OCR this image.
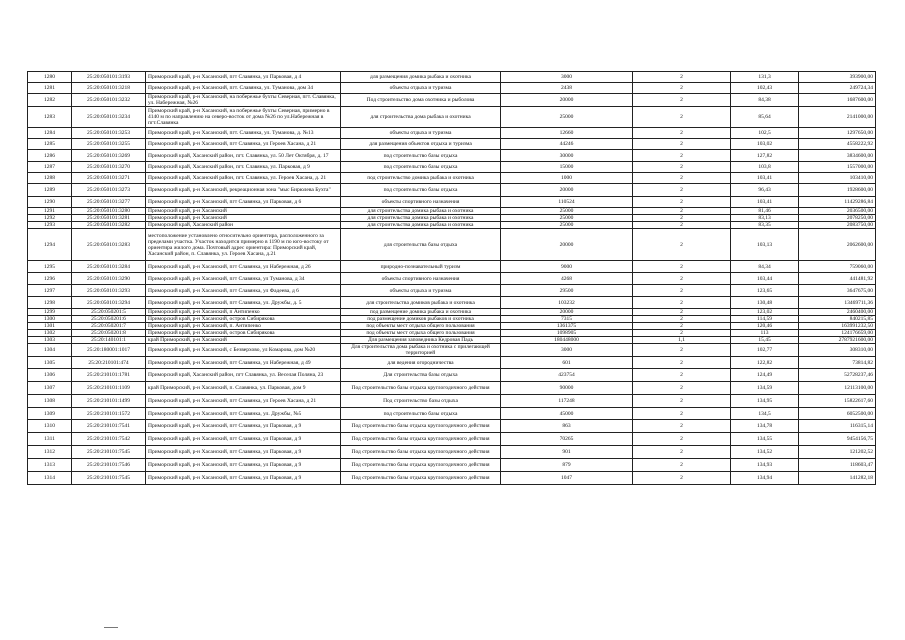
1280	25:20:050101:3193	Приморский край, р-н Хасанский, пгт Славянка, ул Парковая, д 4	для размещения домика рыбака и охотника	3000	2	131,3	393900,00
1281	25:20:050101:3218	Приморский край, р-н Хасанский, пгт. Славянка, ул. Тумановa, дом 34	объекты отдыха и туризма	2438	2	102,43	249724,34
1282	25:20:050101:3232	Приморский край, р-н Хасанский, на побережье бухты Северная, пгт. Славянка, ул. Набережная, №26	Под строительство дома охотника и рыболова	20000	2	84,38	1687600,00
1283	25:20:050101:3234	Приморский край, р-н Хасанский, на побережье бухты Северная, примерно в 4140 м по направлению на северо-восток от дома №26 по ул.Набережная в пгт.Славянка	для строительства дома рыбака и охотника	25000	2	85,64	2141000,00
1284	25:20:050101:3253	Приморский край, р-н Хасанский, пгт. Славянка, ул. Туманова, д. №13	объекты отдыха и туризма	12660	2	102,5	1297650,00
1285	25:20:050101:3255	Приморский край, р-н Хасанский, пгт Славянка, ул Героев Хасана, д 21	для размещения объектов отдыха и туризма	44246	2	103,02	4558222,92
1286	25:20:050101:3269	Приморский край, Хасанский район, пгт. Славянка, ул. 50 Лет Октября, д. 17	под строительство базы отдыха	30000	2	127,82	3834600,00
1287	25:20:050101:3270	Приморский край, Хасанский район, пгт. Славянка, ул. Парковая, д 9	под строительство базы отдыха	15000	2	103,8	1557000,00
1288	25:20:050101:3271	Приморский край, Хасанский район, пгт. Славянка, ул. Героев Хасана, д. 21	под строительство домика рыбака и охотника	1000	2	103,41	103410,00
1289	25:20:050101:3273	Приморский край, р-н Хасанский, рекреационная зона "мыс Бирюлева Бухта"	под строительство базы отдыха	20000	2	96,43	1928600,00
1290	25:20:050101:3277	Приморский край, р-н Хасанский, пгт Славянка, ул Парковая, д 6	объекты спортивного назначения	110524	2	103,41	11429286,84
1291	25:20:050101:3280	Приморский край, р-н Хасанский	для строительства домика рыбака и охотника	25000	2	81,46	2036500,00
1292	25:20:050101:3281	Приморский край, р-н Хасанский	для строительства домика рыбака и охотника	25000	2	83,13	2078250,00
1293	25:20:050101:3282	Приморский край, Хасанский район	для строительства домика рыбака и охотника	25000	2	83,35	2083750,00
1294	25:20:050101:3283	местоположение установлено относительно ориентира, расположенного за пределами участка. Участок находится примерно в 1190 м по юго-востоку от ориентира жилого дома. Почтовый адрес ориентира: Приморский край, Хасанский район, п. Славянка, ул. Героев Хасана, д.21	для строительства базы отдыха	20000	2	103,13	2062600,00
1295	25:20:050101:3284	Приморский край, р-н Хасанский, пгт Славянка, ул Набережная, д 26	природно-познавательный туризм	9000	2	84,34	759060,00
1296	25:20:050101:3290	Приморский край, р-н Хасанский, пгт Славянка, ул Туманова, д 34	объекты спортивного назначения	4268	2	103,44	441481,92
1297	25:20:050101:3293	Приморский край, р-н Хасанский, пгт Славянка, ул Фадеева, д 6	объекты отдыха и туризма	29500	2	123,65	3647675,00
1298	25:20:050101:3294	Приморский край, р-н Хасанский, пгт Славянка, ул. Дружбы, д. 5	для строительства домиков рыбака и охотника	103232	2	130,48	13469711,36
1299	25:20:050201:5	Приморский край, р-н Хасанский, п Антипенко	под размещение домика рыбака и охотника	20000	2	123,02	2460400,00
1300	25:20:050201:6	Приморский край, р-н Хасанский, остров Сибирякова	под размещение домиков рыбаков и охотника	7315	2	114,59	840215,85
1301	25:20:050201:7	Приморский край, р-н Хасанский, п. Антипенко	под объекты мест отдыха общего пользования	1361375	2	120,46	163991232,50
1302	25:20:050201:8	Приморский край, р-н Хасанский, остров Сибирякова	под объекты мест отдыха общего пользования	1098905	2	113	124176659,00
1303	25:20:140101:1	край Приморский, р-н Хасанский	Для размещения заповедника Кедровая Падь	180448000	1,1	15,45	2787921600,00
1304	25:20:180001:1017	Приморский край, р-н Хасанский, с Безверхово, ул Комарова, дом №20	Для строительства дома рыбака и охотника с прилегающей территорией	3000	2	102,77	308310,00
1305	25:20:210101:474	Приморский край, р-н Хасанский, пгт Славянка, ул Набережная, д 49	для ведения огородничества	601	2	122,82	73814,82
1306	25:20:210101:1781	Приморский край, Хасанский район, пгт Славянка, ул. Веселая Поляна, 23	Для строительства базы отдыха	423754	2	124,49	52728237,46
1307	25:20:210101:1109	край Приморский, р-н Хасанский, п. Славянка, ул. Парковая, дом 9	Под строительство базы отдыха круглогодичного действия	90000	2	134,59	12113100,00
1308	25:20:210101:1499	Приморский край, р-н Хасанский, пгт Славянка, ул Героев Хасана, д 21	Под строительство базы отдыха	117248	2	134,95	15822617,60
1309	25:20:210101:1572	Приморский край, р-н Хасанский, пгт Славянка, ул. Дружбы, №5	под строительство базы отдыха	45000	2	134,5	6052500,00
1310	25:20:210101:7541	Приморский край, р-н Хасанский, пгт Славянка, ул Парковая, д 9	Под строительство базы отдыха круглогодичного действия	863	2	134,78	116315,14
1311	25:20:210101:7542	Приморский край, р-н Хасанский, пгт Славянка, ул Парковая, д 9	Под строительство базы отдыха круглогодичного действия	70265	2	134,55	9454156,75
1312	25:20:210101:7545	Приморский край, р-н Хасанский, пгт Славянка, ул Парковая, д 9	Под строительство базы отдыха круглогодичного действия	901	2	134,52	121202,52
1313	25:20:210101:7546	Приморский край, р-н Хасанский, пгт Славянка, ул Парковая, д 9	Под строительство базы отдыха круглогодичного действия	879	2	134,93	118603,47
1314	25:20:210101:7545	Приморский край, р-н Хасанский, пгт Славянка, ул Парковая, д 9	Под строительство базы отдыха круглогодичного действия	1047	2	134,94	141282,18
